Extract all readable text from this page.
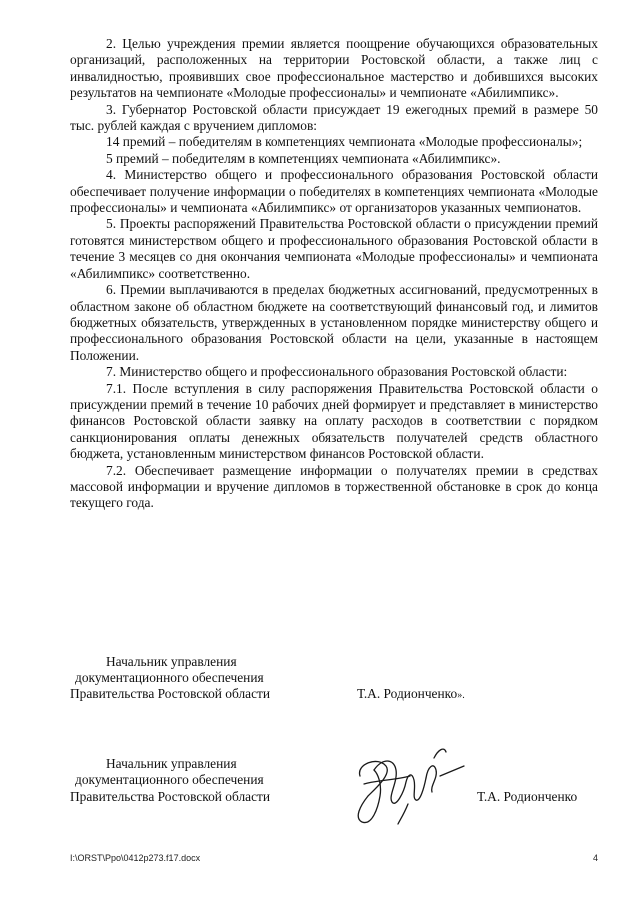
2. Целью учреждения премии является поощрение обучающихся образовательных организаций, расположенных на территории Ростовской области, а также лиц с инвалидностью, проявивших свое профессиональное мастерство и добившихся высоких результатов на чемпионате «Молодые профессионалы» и чемпионате «Абилимпикс».

3. Губернатор Ростовской области присуждает 19 ежегодных премий в размере 50 тыс. рублей каждая с вручением дипломов:

14 премий – победителям в компетенциях чемпионата «Молодые профессионалы»;

5 премий – победителям в компетенциях чемпионата «Абилимпикс».

4. Министерство общего и профессионального образования Ростовской области обеспечивает получение информации о победителях в компетенциях чемпионата «Молодые профессионалы» и чемпионата «Абилимпикс» от организаторов указанных чемпионатов.

5. Проекты распоряжений Правительства Ростовской области о присуждении премий готовятся министерством общего и профессионального образования Ростовской области в течение 3 месяцев со дня окончания чемпионата «Молодые профессионалы» и чемпионата «Абилимпикс» соответственно.

6. Премии выплачиваются в пределах бюджетных ассигнований, предусмотренных в областном законе об областном бюджете на соответствующий финансовый год, и лимитов бюджетных обязательств, утвержденных в установленном порядке министерству общего и профессионального образования Ростовской области на цели, указанные в настоящем Положении.

7. Министерство общего и профессионального образования Ростовской области:

7.1. После вступления в силу распоряжения Правительства Ростовской области о присуждении премий в течение 10 рабочих дней формирует и представляет в министерство финансов Ростовской области заявку на оплату расходов в соответствии с порядком санкционирования оплаты денежных обязательств получателей средств областного бюджета, установленным министерством финансов Ростовской области.

7.2. Обеспечивает размещение информации о получателях премии в средствах массовой информации и вручение дипломов в торжественной обстановке в срок до конца текущего года.

Начальник управления
документационного обеспечения
Правительства Ростовской области	Т.А. Родионченко».
Начальник управления
документационного обеспечения
Правительства Ростовской области	Т.А. Родионченко
I:\ORST\Ppo\0412p273.f17.docx	4
